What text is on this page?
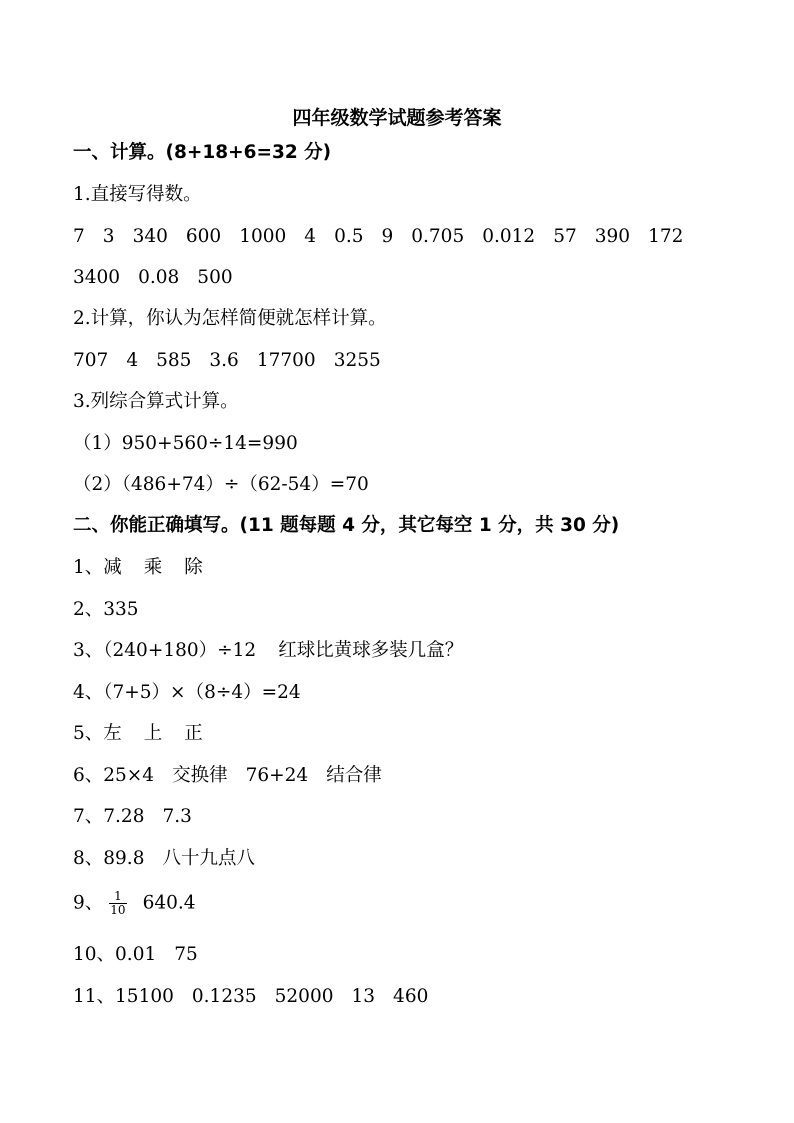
四年级数学试题参考答案
一、计算。(8+18+6=32 分)
1.直接写得数。
7 3 340 600 1000 4 0.5 9 0.705 0.012 57 390 172
3400 0.08 500
2.计算，你认为怎样简便就怎样计算。
707 4 585 3.6 17700 3255
3.列综合算式计算。
（1）950+560÷14=990
（2）（486+74）÷（62-54）=70
二、你能正确填写。(11 题每题 4 分，其它每空 1 分，共 30 分)
1、减 乘 除
2、335
3、（240+180）÷12 红球比黄球多装几盒？
4、（7+5）×（8÷4）=24
5、左 上 正
6、25×4 交换律 76+24 结合律
7、7.28 7.3
8、89.8 八十九点八
9、 $\frac{1}{10} 640.4$
10、0.01 75
11、15100 0.1235 52000 13 460
